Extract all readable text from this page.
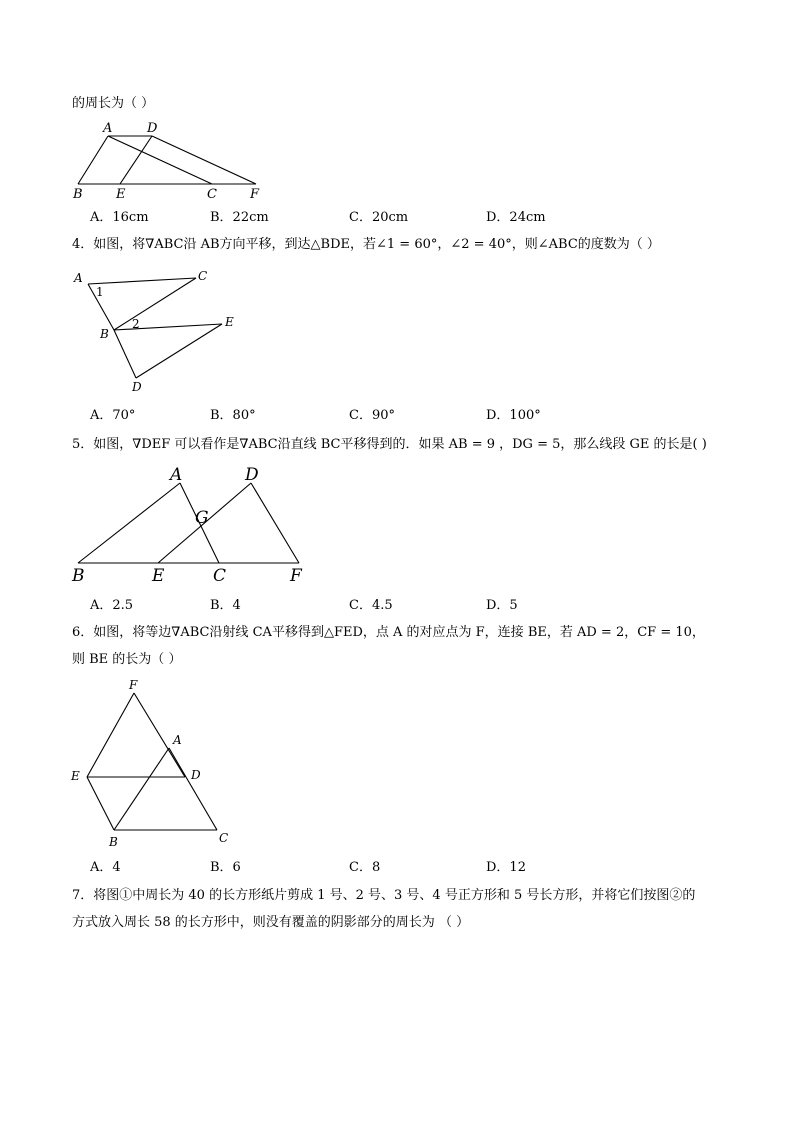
的周长为（ ）
A	D
B	E	C	F
A．16cm	B．22cm	C．20cm	D．24cm
4．如图，将∇ABC沿 AB方向平移，到达△BDE，若∠1 = 60°，∠2 = 40°，则∠ABC的度数为（ ）
A	C
1
B
2	E
D
A．70°	B．80°	C．90°	D．100°
5．如图，∇DEF 可以看作是∇ABC沿直线 BC平移得到的．如果 AB = 9 ，DG = 5，那么线段 GE 的长是( )
A	D
G
B	E	C	F
A．2.5	B．4	C．4.5	D．5
6．如图，将等边∇ABC沿射线 CA平移得到△FED，点 A 的对应点为 F，连接 BE，若 AD = 2，CF = 10，
则 BE 的长为（ ）
F
A
E	D
B	C
A．4	B．6	C．8	D．12
7．将图①中周长为 40 的长方形纸片剪成 1 号、2 号、3 号、4 号正方形和 5 号长方形，并将它们按图②的
方式放入周长 58 的长方形中，则没有覆盖的阴影部分的周长为 （ ）
